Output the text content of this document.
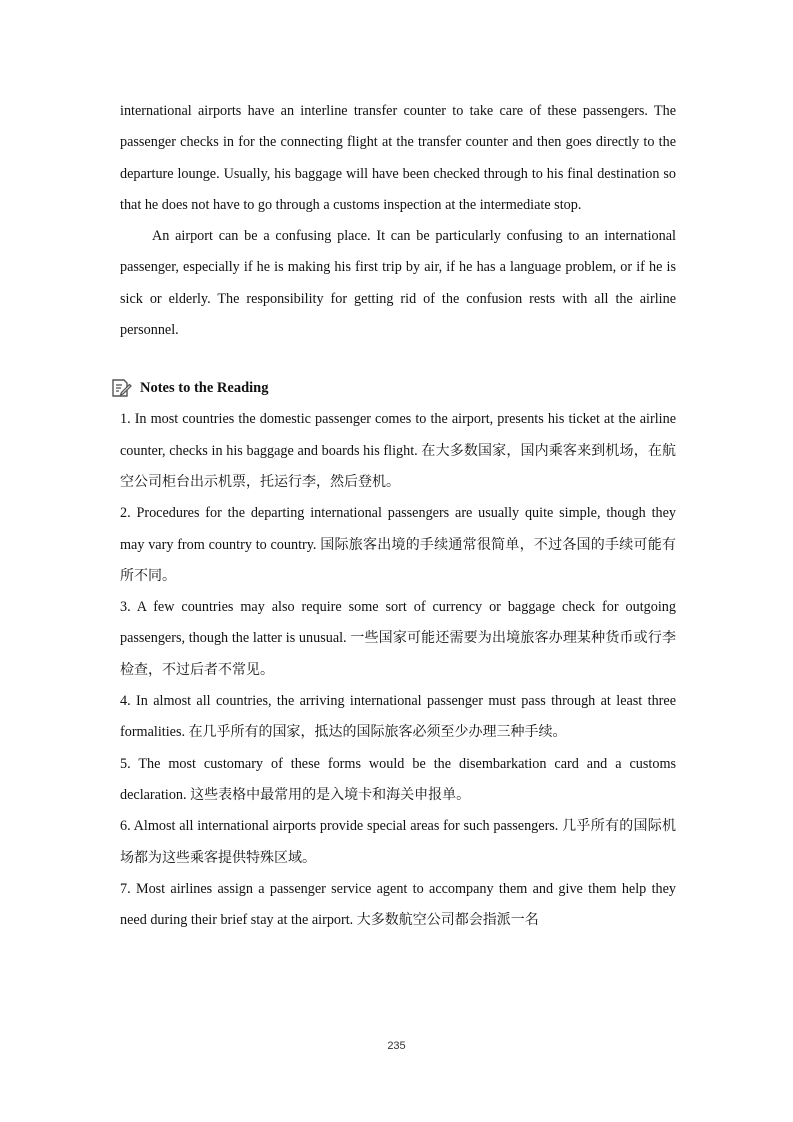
international airports have an interline transfer counter to take care of these passengers. The passenger checks in for the connecting flight at the transfer counter and then goes directly to the departure lounge. Usually, his baggage will have been checked through to his final destination so that he does not have to go through a customs inspection at the intermediate stop.

An airport can be a confusing place. It can be particularly confusing to an international passenger, especially if he is making his first trip by air, if he has a language problem, or if he is sick or elderly. The responsibility for getting rid of the confusion rests with all the airline personnel.

Notes to the Reading

1. In most countries the domestic passenger comes to the airport, presents his ticket at the airline counter, checks in his baggage and boards his flight. 在大多数国家，国内乘客来到机场，在航空公司柜台出示机票，托运行李，然后登机。

2. Procedures for the departing international passengers are usually quite simple, though they may vary from country to country. 国际旅客出境的手续通常很简单，不过各国的手续可能有所不同。

3. A few countries may also require some sort of currency or baggage check for outgoing passengers, though the latter is unusual. 一些国家可能还需要为出境旅客办理某种货币或行李检查，不过后者不常见。

4. In almost all countries, the arriving international passenger must pass through at least three formalities. 在几乎所有的国家，抵达的国际旅客必须至少办理三种手续。

5. The most customary of these forms would be the disembarkation card and a customs declaration. 这些表格中最常用的是入境卡和海关申报单。

6. Almost all international airports provide special areas for such passengers. 几乎所有的国际机场都为这些乘客提供特殊区域。

7. Most airlines assign a passenger service agent to accompany them and give them help they need during their brief stay at the airport. 大多数航空公司都会指派一名

235
